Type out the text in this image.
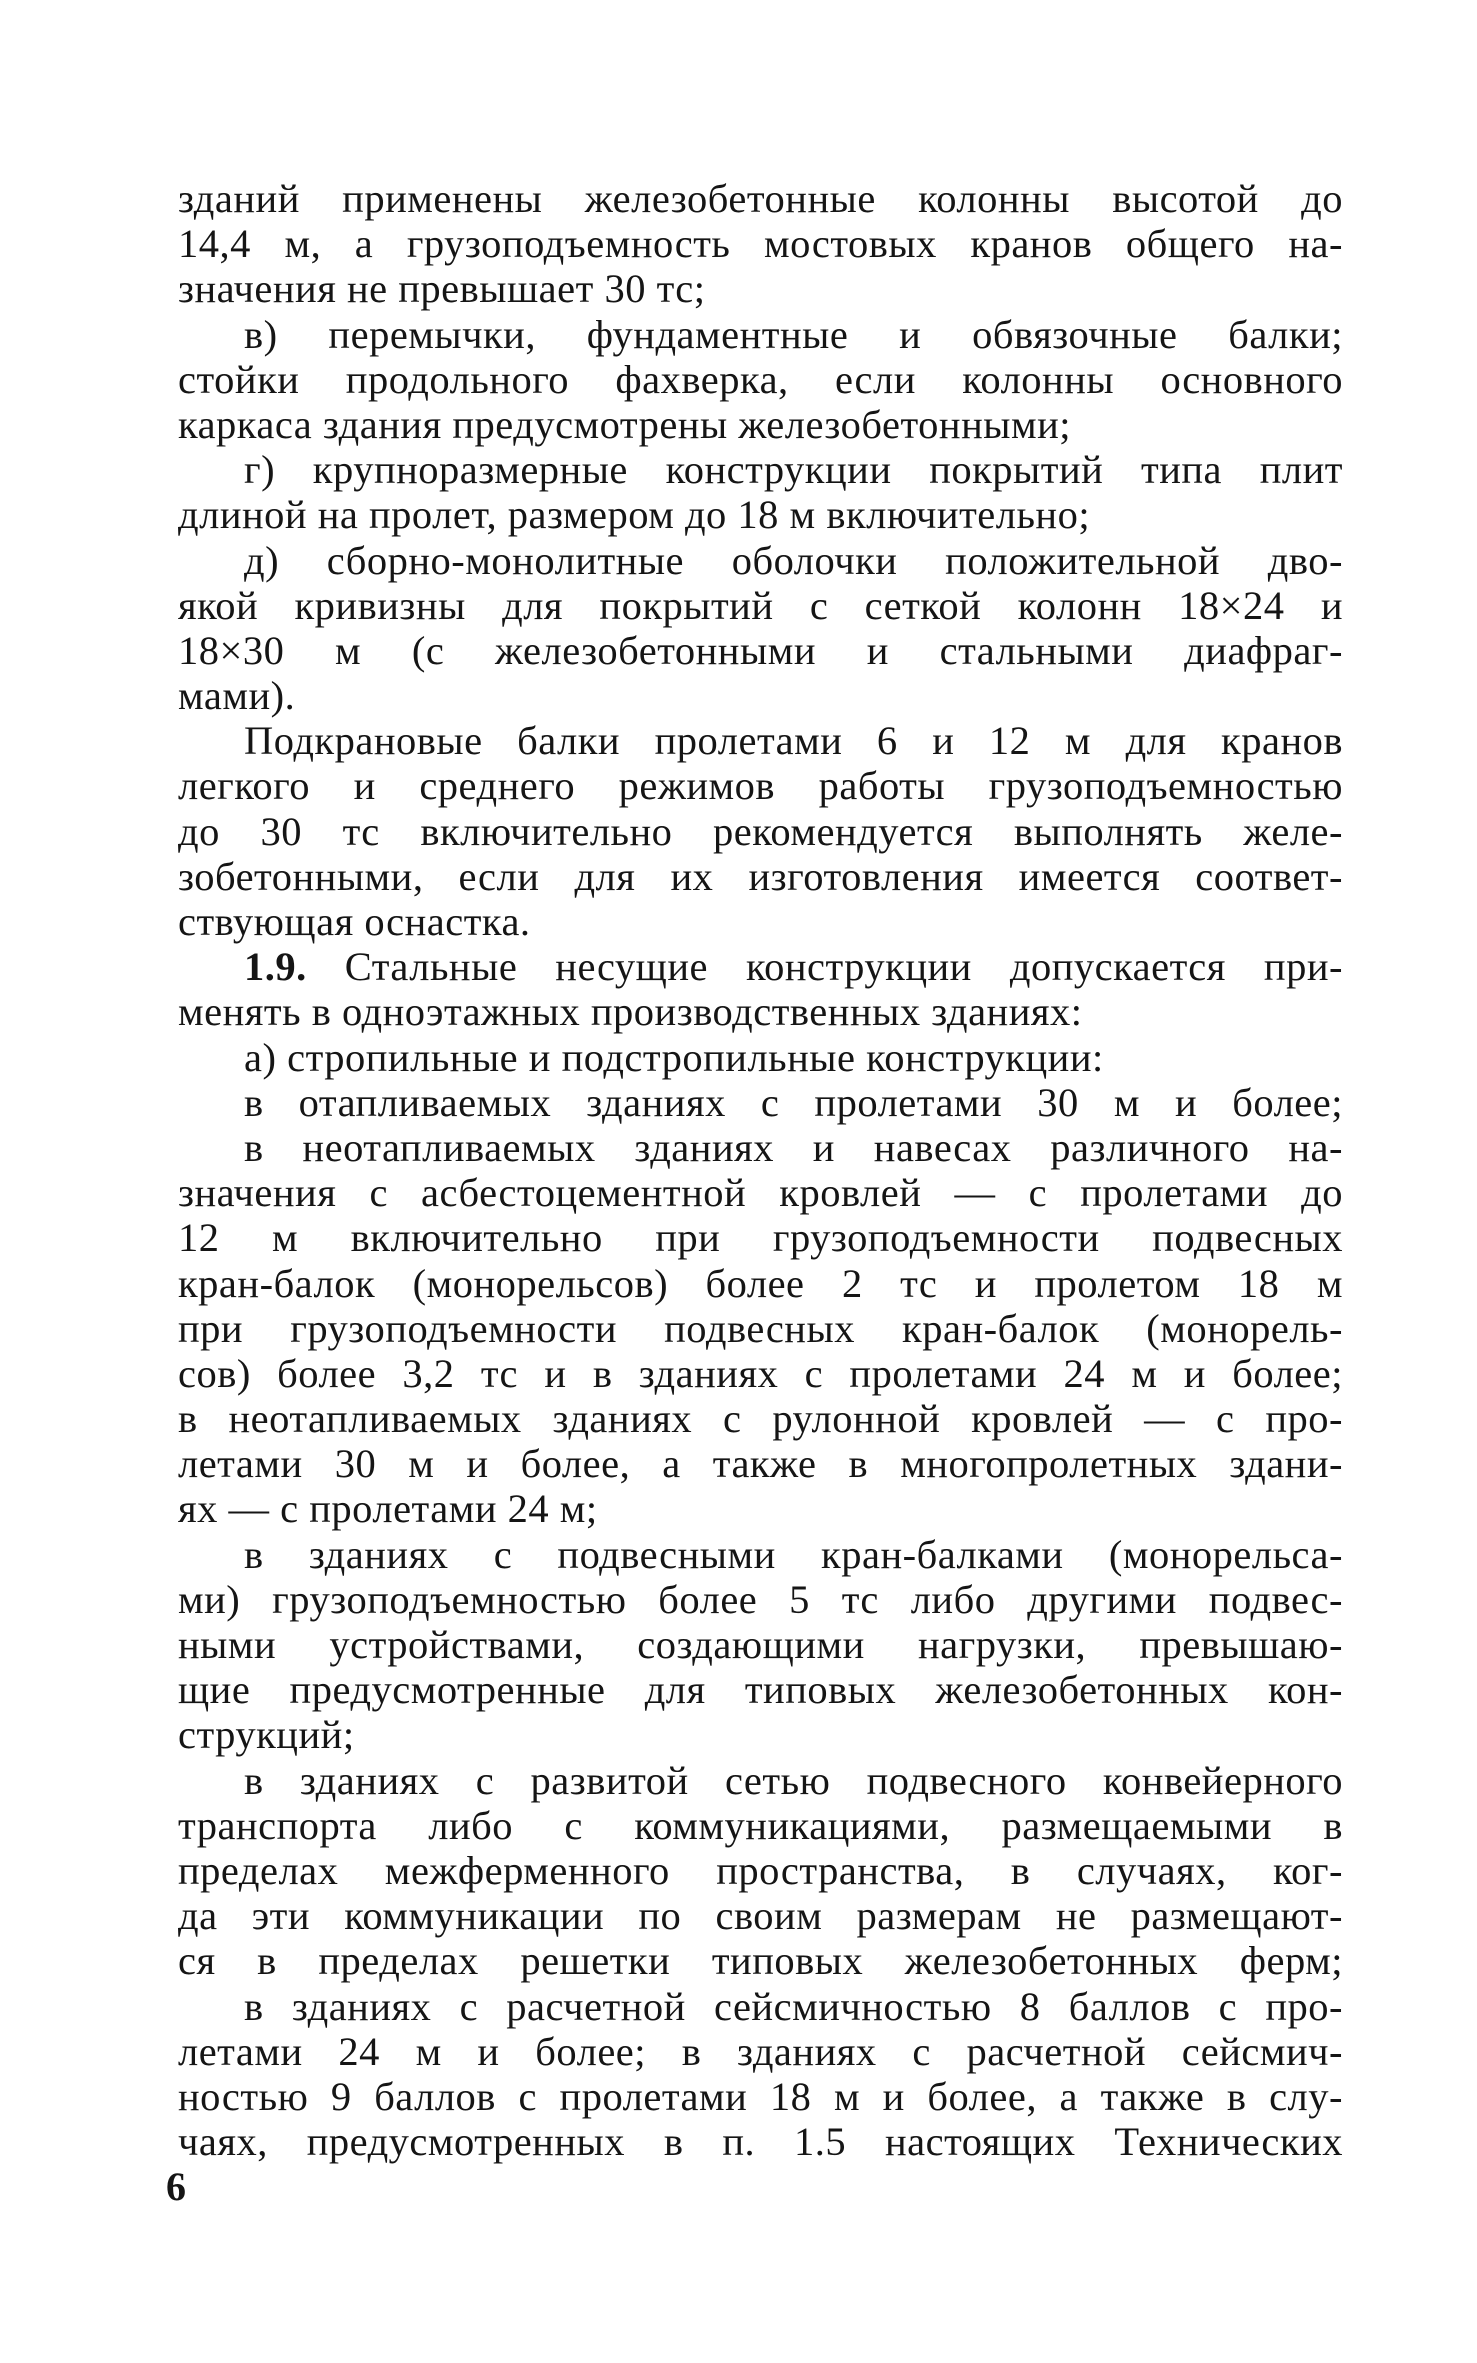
зданий применены железобетонные колонны высотой до
14,4 м, а грузоподъемность мостовых кранов общего на-
значения не превышает 30 тс;
в) перемычки, фундаментные и обвязочные балки;
стойки продольного фахверка, если колонны основного
каркаса здания предусмотрены железобетонными;
г) крупноразмерные конструкции покрытий типа плит
длиной на пролет, размером до 18 м включительно;
д) сборно-монолитные оболочки положительной дво-
якой кривизны для покрытий с сеткой колонн 18×24 и
18×30 м (с железобетонными и стальными диафраг-
мами).
Подкрановые балки пролетами 6 и 12 м для кранов
легкого и среднего режимов работы грузоподъемностью
до 30 тс включительно рекомендуется выполнять желе-
зобетонными, если для их изготовления имеется соответ-
ствующая оснастка.
1.9. Стальные несущие конструкции допускается при-
менять в одноэтажных производственных зданиях:
а) стропильные и подстропильные конструкции:
в отапливаемых зданиях с пролетами 30 м и более;
в неотапливаемых зданиях и навесах различного на-
значения с асбестоцементной кровлей — с пролетами до
12 м включительно при грузоподъемности подвесных
кран-балок (монорельсов) более 2 тс и пролетом 18 м
при грузоподъемности подвесных кран-балок (монорель-
сов) более 3,2 тс и в зданиях с пролетами 24 м и более;
в неотапливаемых зданиях с рулонной кровлей — с про-
летами 30 м и более, а также в многопролетных здани-
ях — с пролетами 24 м;
в зданиях с подвесными кран-балками (монорельса-
ми) грузоподъемностью более 5 тс либо другими подвес-
ными устройствами, создающими нагрузки, превышаю-
щие предусмотренные для типовых железобетонных кон-
струкций;
в зданиях с развитой сетью подвесного конвейерного
транспорта либо с коммуникациями, размещаемыми в
пределах межферменного пространства, в случаях, ког-
да эти коммуникации по своим размерам не размещают-
ся в пределах решетки типовых железобетонных ферм;
в зданиях с расчетной сейсмичностью 8 баллов с про-
летами 24 м и более; в зданиях с расчетной сейсмич-
ностью 9 баллов с пролетами 18 м и более, а также в слу-
чаях, предусмотренных в п. 1.5 настоящих Технических
6
